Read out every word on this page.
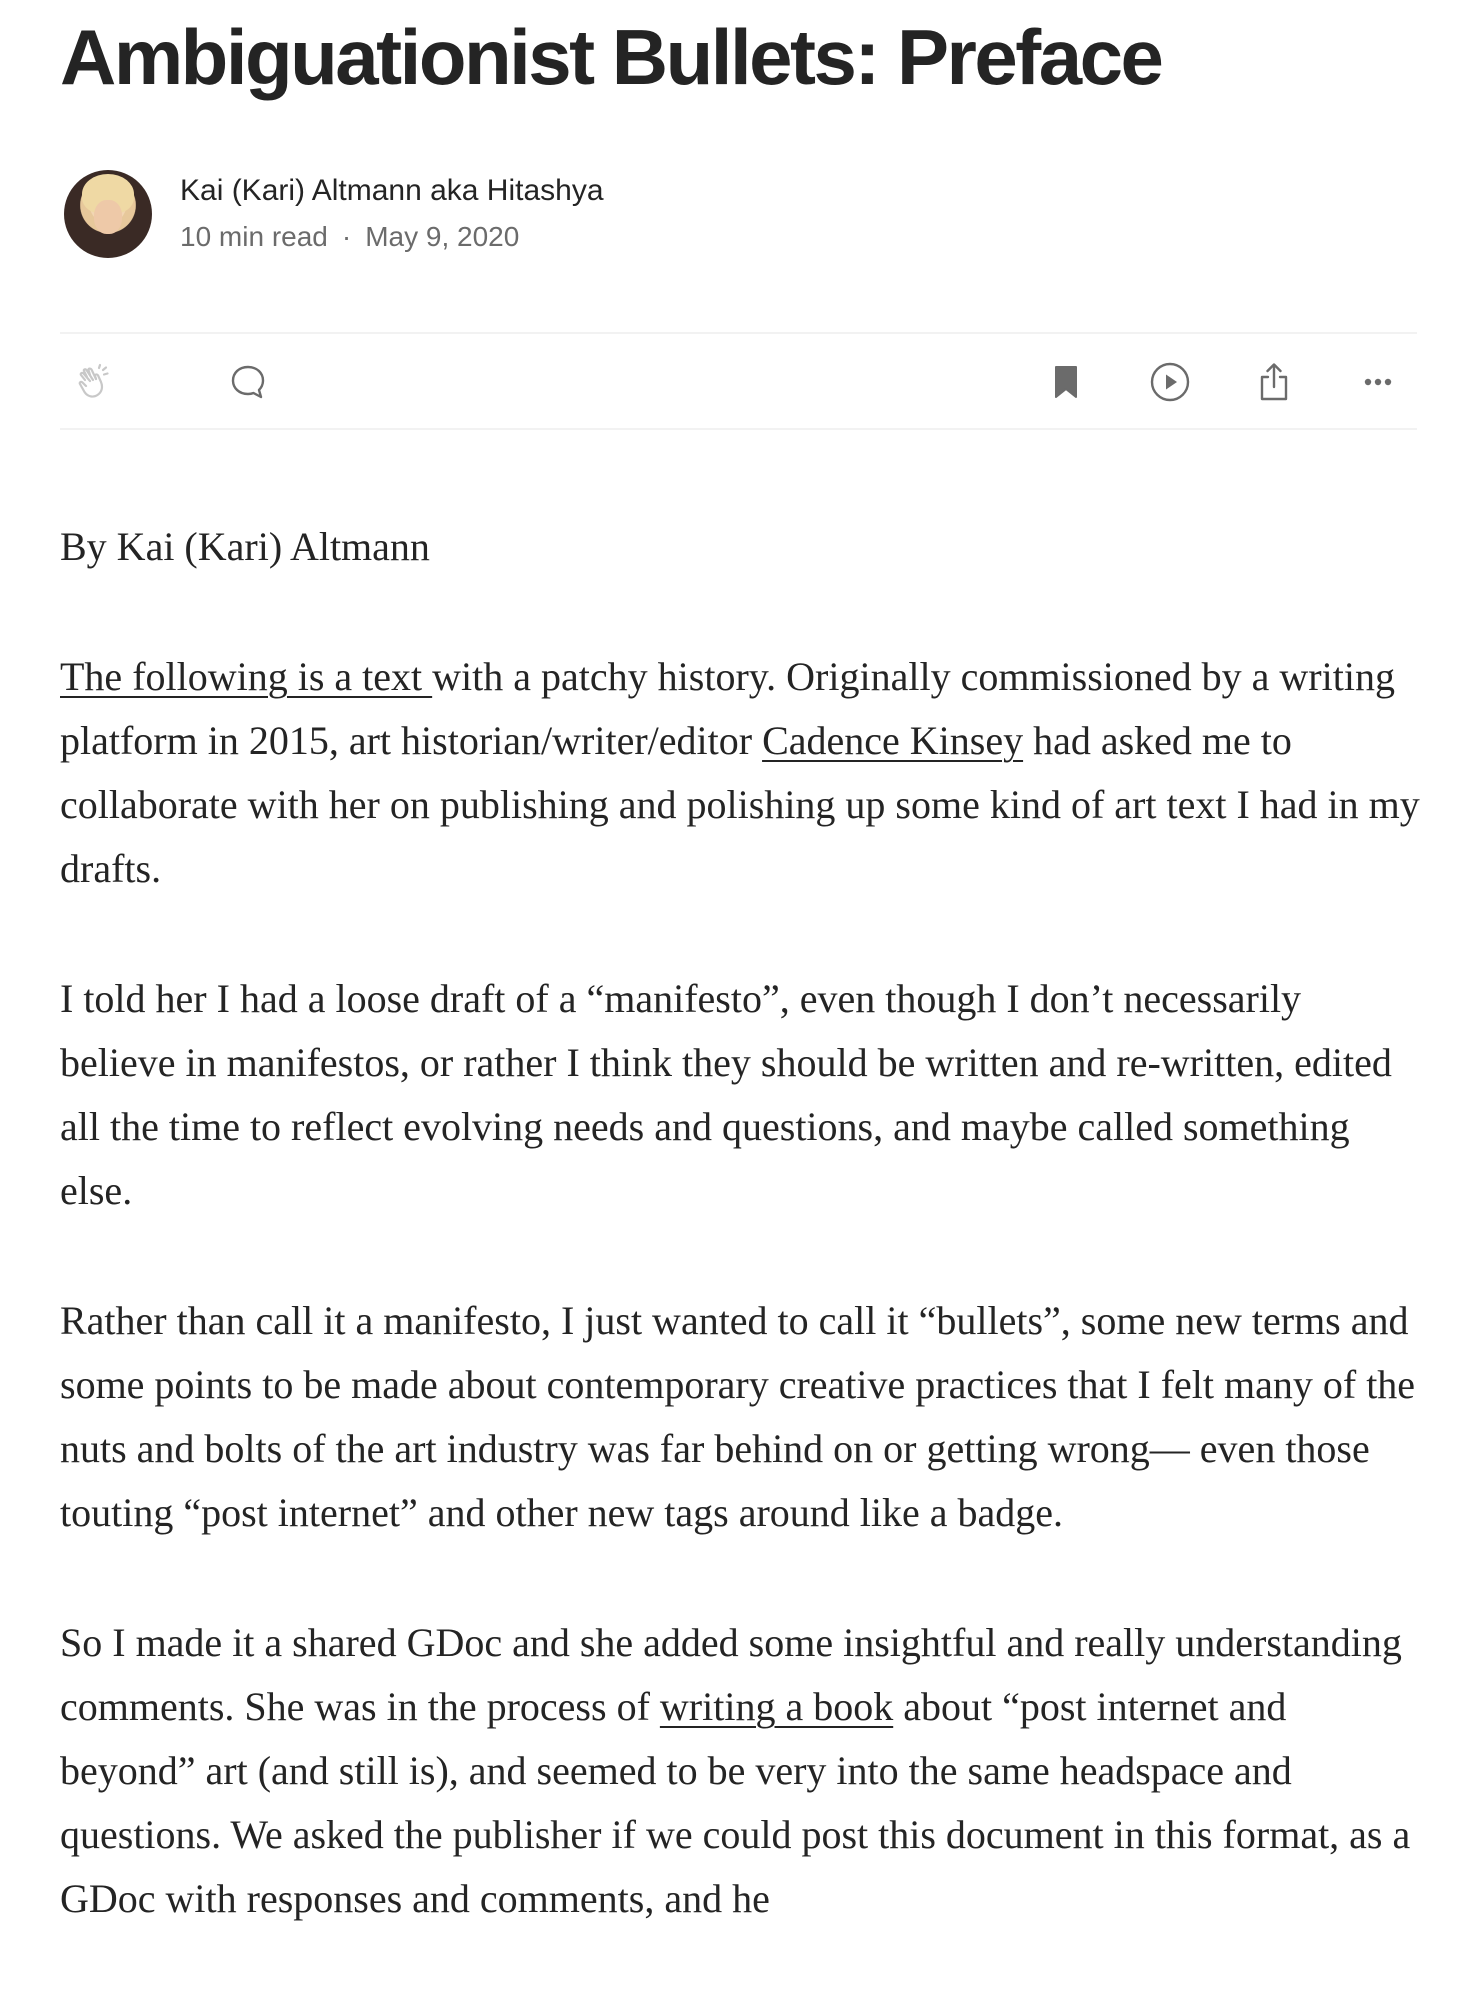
Ambiguationist Bullets: Preface
Kai (Kari) Altmann aka Hitashya
10 min read · May 9, 2020

By Kai (Kari) Altmann

The following is a text with a patchy history. Originally commissioned by a writing platform in 2015, art historian/writer/editor Cadence Kinsey had asked me to collaborate with her on publishing and polishing up some kind of art text I had in my drafts.

I told her I had a loose draft of a “manifesto”, even though I don’t necessarily believe in manifestos, or rather I think they should be written and re-written, edited all the time to reflect evolving needs and questions, and maybe called something else.

Rather than call it a manifesto, I just wanted to call it “bullets”, some new terms and some points to be made about contemporary creative practices that I felt many of the nuts and bolts of the art industry was far behind on or getting wrong— even those touting “post internet” and other new tags around like a badge.

So I made it a shared GDoc and she added some insightful and really understanding comments. She was in the process of writing a book about “post internet and beyond” art (and still is), and seemed to be very into the same headspace and questions. We asked the publisher if we could post this document in this format, as a GDoc with responses and comments, and he
